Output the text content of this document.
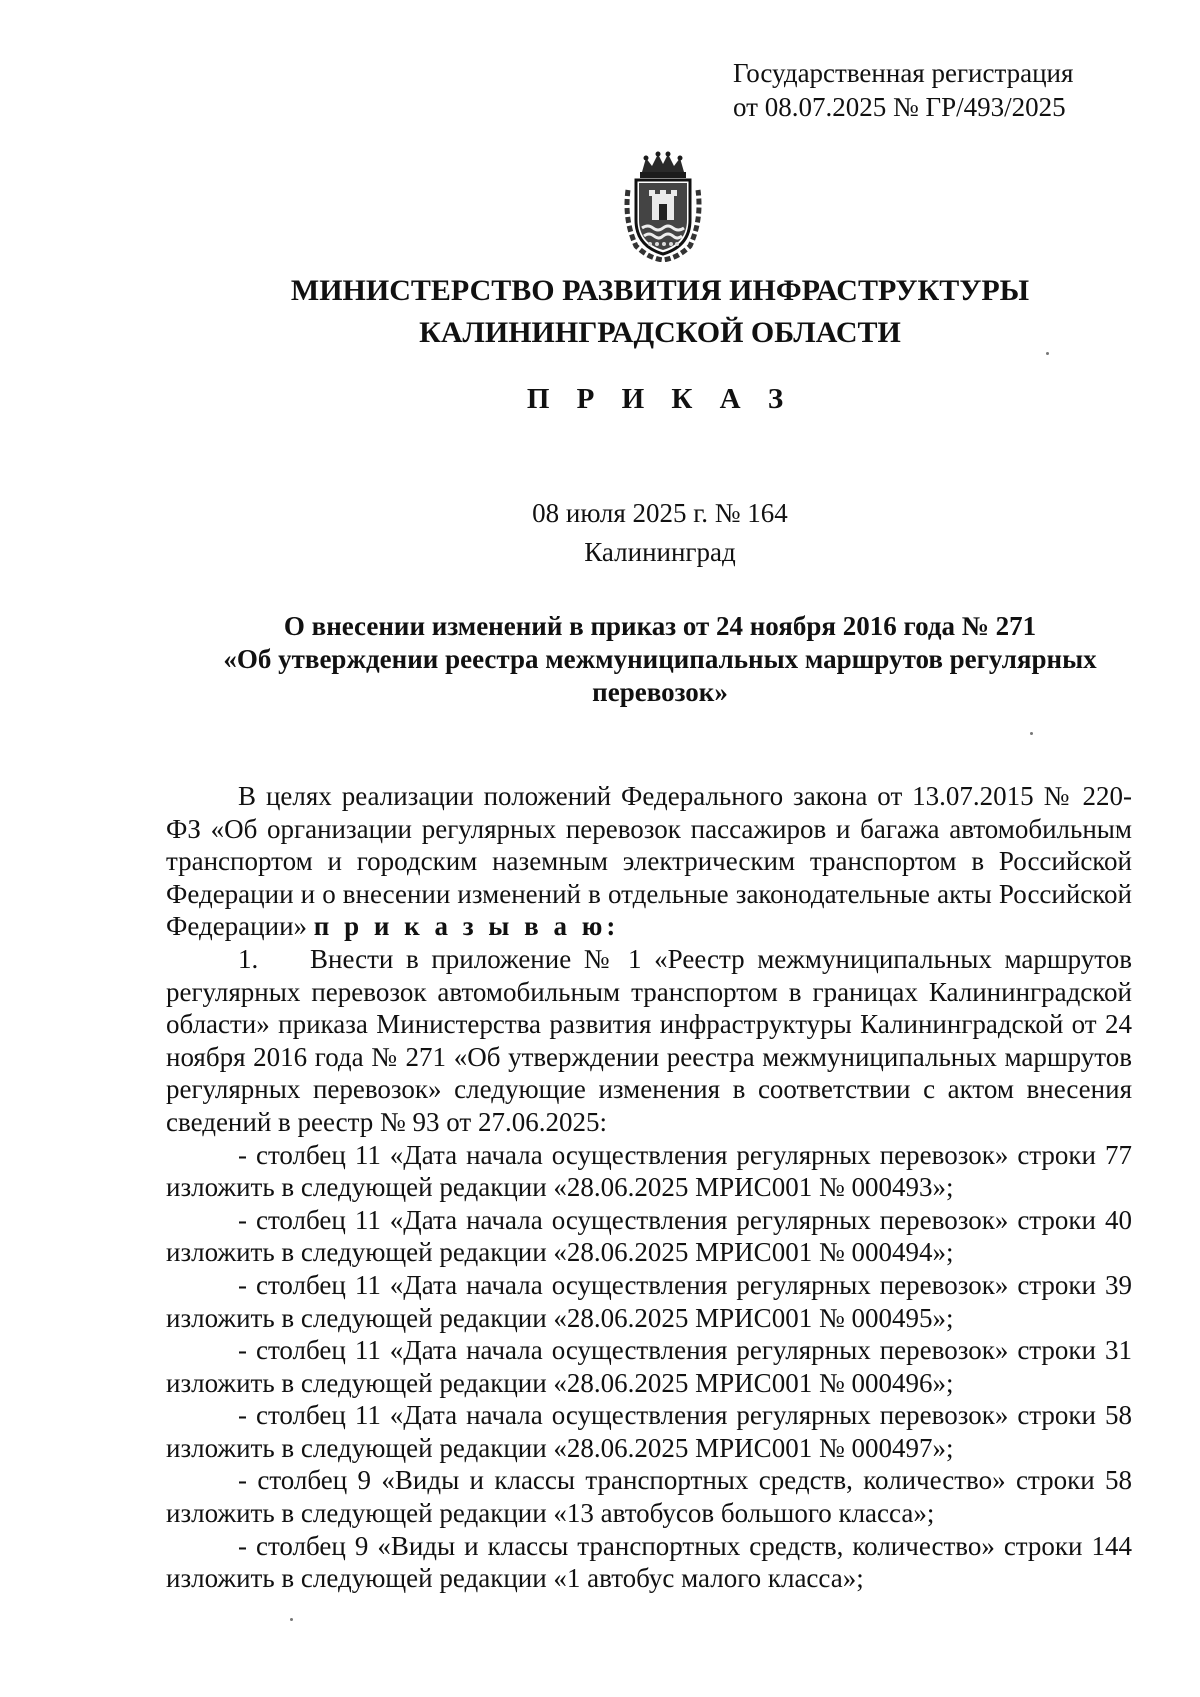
Государственная регистрация
от 08.07.2025 № ГР/493/2025
МИНИСТЕРСТВО РАЗВИТИЯ ИНФРАСТРУКТУРЫ
КАЛИНИНГРАДСКОЙ ОБЛАСТИ
П Р И К А З
08 июля 2025 г. № 164
Калининград
О внесении изменений в приказ от 24 ноября 2016 года № 271
«Об утверждении реестра межмуниципальных маршрутов регулярных
перевозок»

В целях реализации положений Федерального закона от 13.07.2015 № 220-ФЗ «Об организации регулярных перевозок пассажиров и багажа автомобильным транспортом и городским наземным электрическим транспортом в Российской Федерации и о внесении изменений в отдельные законодательные акты Российской Федерации» п р и к а з ы в а ю:

1. Внести в приложение № 1 «Реестр межмуниципальных маршрутов регулярных перевозок автомобильным транспортом в границах Калининградской области» приказа Министерства развития инфраструктуры Калининградской от 24 ноября 2016 года № 271 «Об утверждении реестра межмуниципальных маршрутов регулярных перевозок» следующие изменения в соответствии с актом внесения сведений в реестр № 93 от 27.06.2025:

- столбец 11 «Дата начала осуществления регулярных перевозок» строки 77 изложить в следующей редакции «28.06.2025 МРИС001 № 000493»;

- столбец 11 «Дата начала осуществления регулярных перевозок» строки 40 изложить в следующей редакции «28.06.2025 МРИС001 № 000494»;

- столбец 11 «Дата начала осуществления регулярных перевозок» строки 39 изложить в следующей редакции «28.06.2025 МРИС001 № 000495»;

- столбец 11 «Дата начала осуществления регулярных перевозок» строки 31 изложить в следующей редакции «28.06.2025 МРИС001 № 000496»;

- столбец 11 «Дата начала осуществления регулярных перевозок» строки 58 изложить в следующей редакции «28.06.2025 МРИС001 № 000497»;

- столбец 9 «Виды и классы транспортных средств, количество» строки 58 изложить в следующей редакции «13 автобусов большого класса»;

- столбец 9 «Виды и классы транспортных средств, количество» строки 144 изложить в следующей редакции «1 автобус малого класса»;
